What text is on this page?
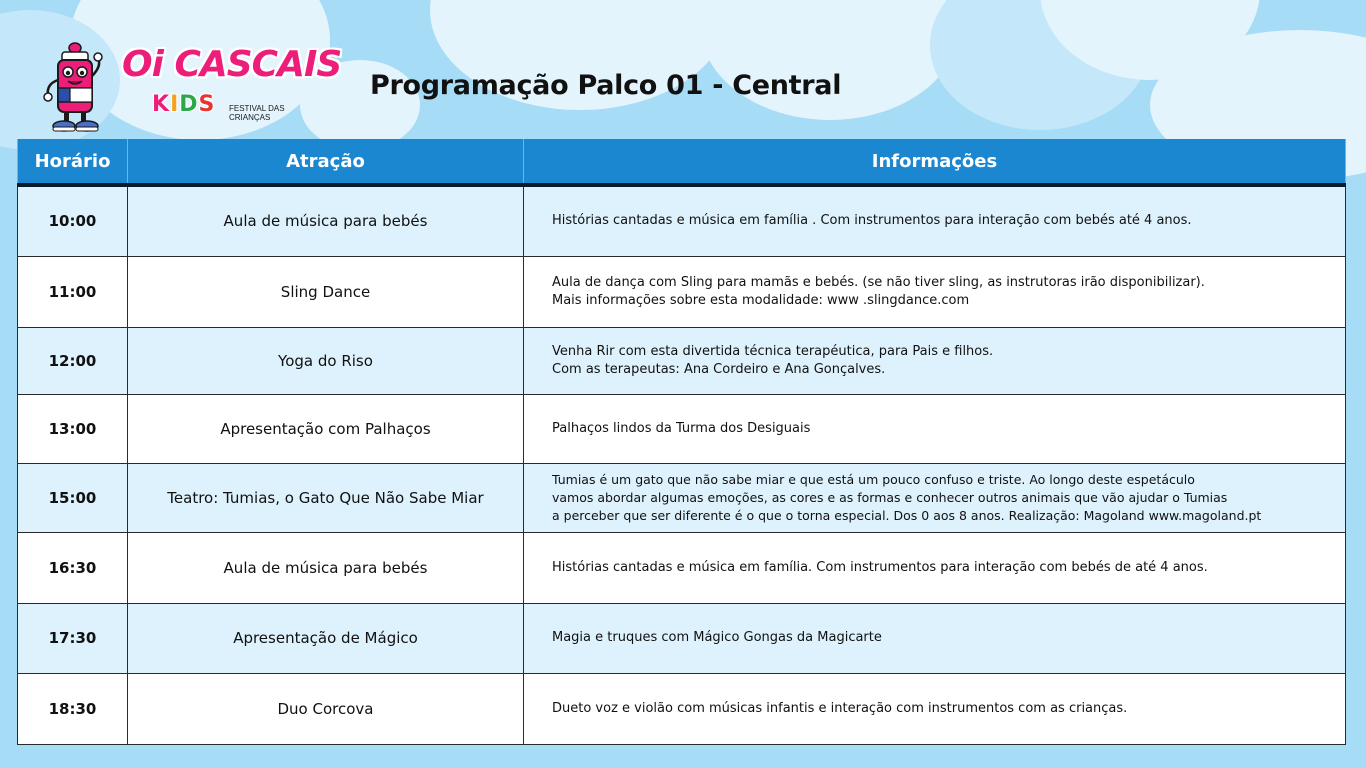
Oi CASCAIS
KIDS FESTIVAL DAS
CRIANÇAS
Programação Palco 01 - Central
Horário	Atração	Informações
10:00	Aula de música para bebés	Histórias cantadas e música em família . Com instrumentos para interação com bebés até 4 anos.

11:00	Sling Dance	Aula de dança com Sling para mamãs e bebés. (se não tiver sling, as instrutoras irão disponibilizar).
Mais informações sobre esta modalidade: www .slingdance.com

12:00	Yoga do Riso	Venha Rir com esta divertida técnica terapéutica, para Pais e filhos.
Com as terapeutas: Ana Cordeiro e Ana Gonçalves.

13:00	Apresentação com Palhaços	Palhaços lindos da Turma dos Desiguais

15:00	Teatro: Tumias, o Gato Que Não Sabe Miar	Tumias é um gato que não sabe miar e que está um pouco confuso e triste. Ao longo deste espetáculo
vamos abordar algumas emoções, as cores e as formas e conhecer outros animais que vão ajudar o Tumias
a perceber que ser diferente é o que o torna especial. Dos 0 aos 8 anos. Realização: Magoland www.magoland.pt

16:30	Aula de música para bebés	Histórias cantadas e música em família. Com instrumentos para interação com bebés de até 4 anos.

17:30	Apresentação de Mágico	Magia e truques com Mágico Gongas da Magicarte

18:30	Duo Corcova	Dueto voz e violão com músicas infantis e interação com instrumentos com as crianças.
